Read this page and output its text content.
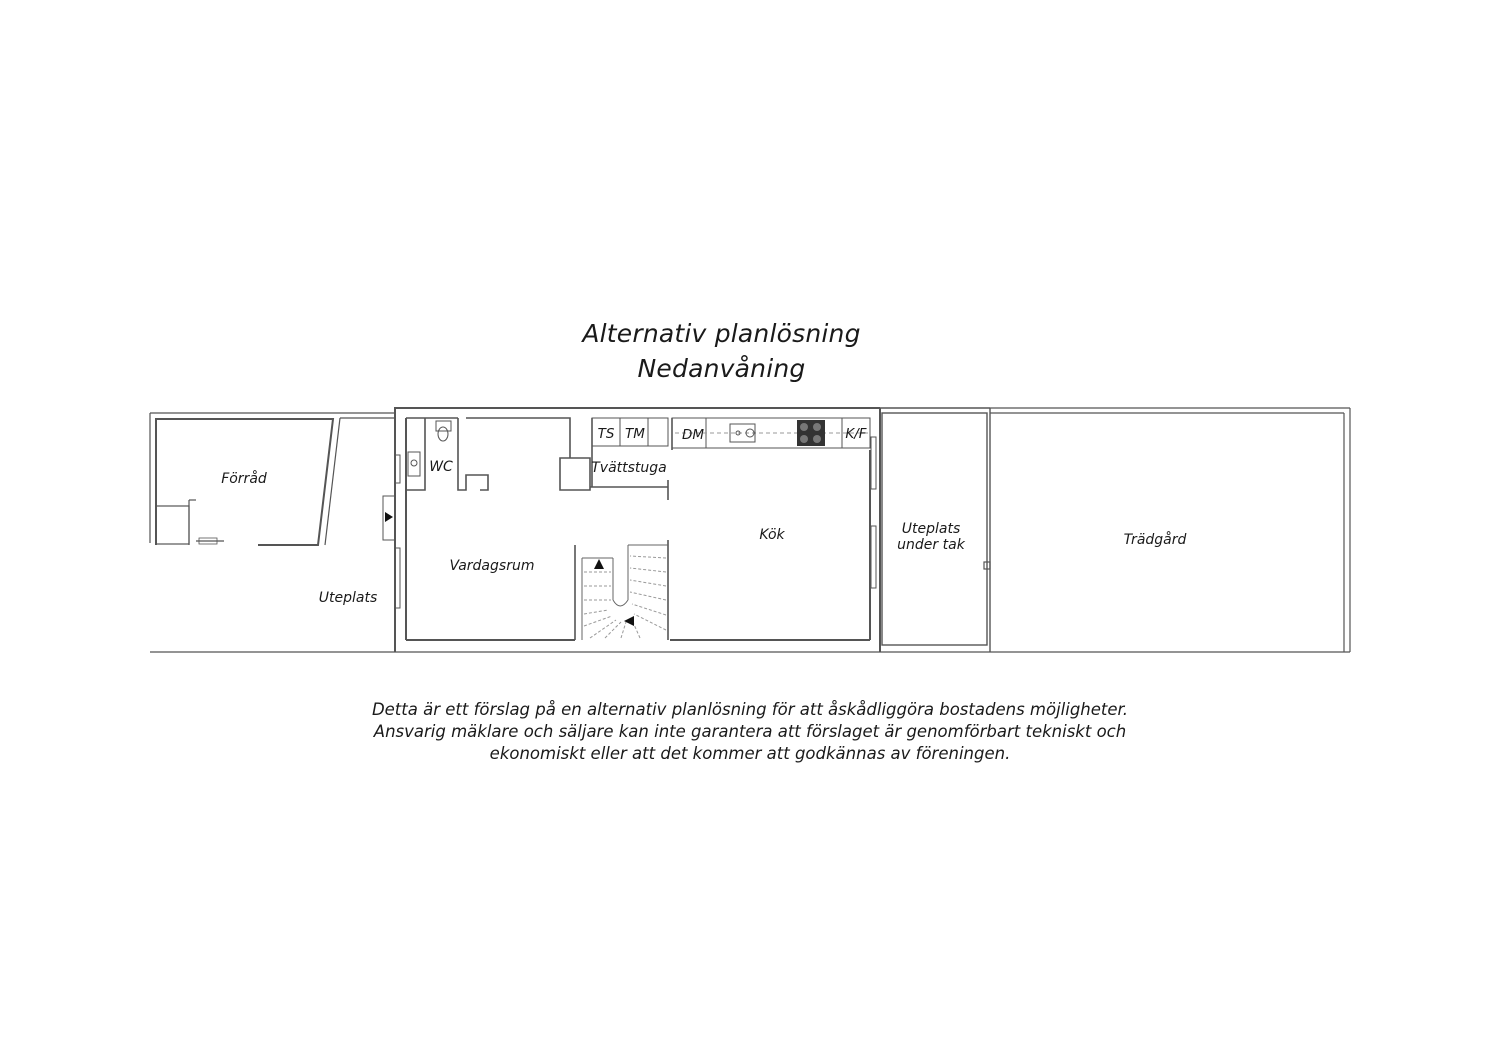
Alternativ planlösning
Nedanvåning
Förråd
WC	Tvättstuga
Vardagsrum
Uteplats
Kök	Uteplats
under tak	Trädgård
TS TM	DM	K/F
Detta är ett förslag på en alternativ planlösning för att åskådliggöra bostadens möjligheter.
Ansvarig mäklare och säljare kan inte garantera att förslaget är genomförbart tekniskt och
ekonomiskt eller att det kommer att godkännas av föreningen.
